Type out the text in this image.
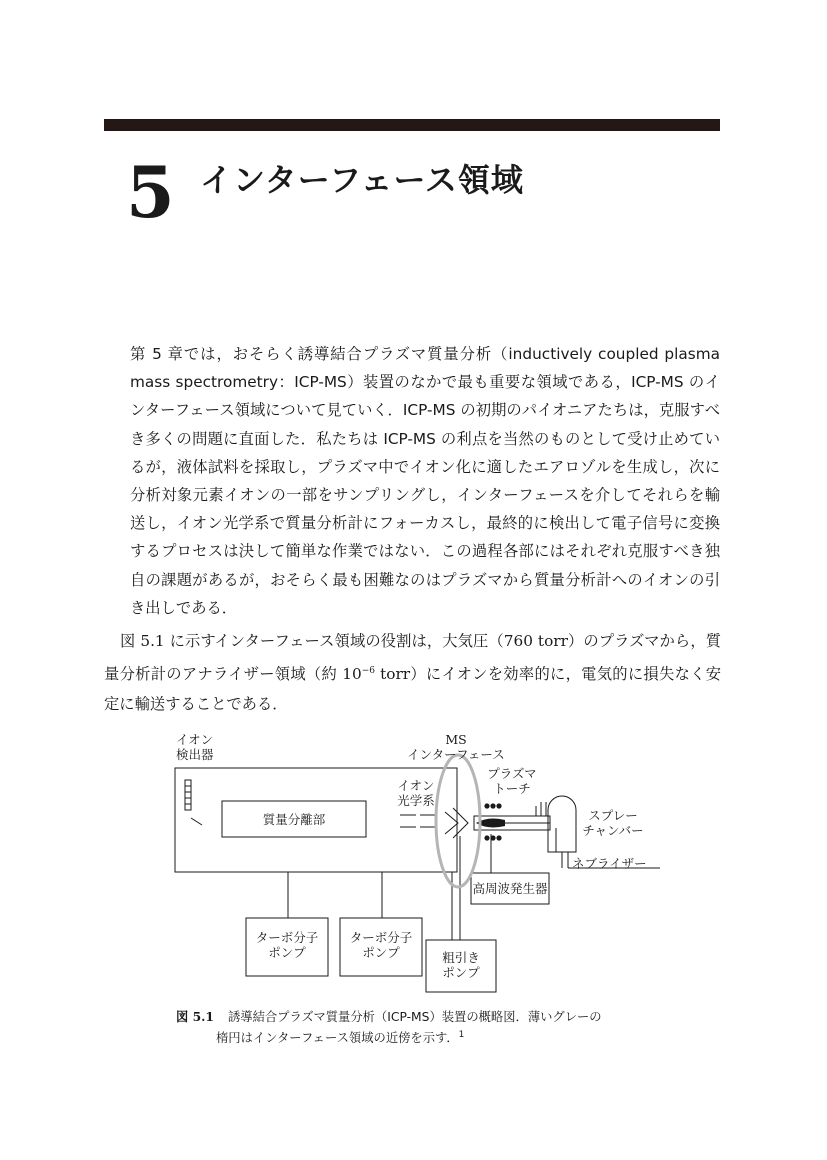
5 インターフェース領域
第 5 章では，おそらく誘導結合プラズマ質量分析（inductively coupled plasma mass spectrometry：ICP-MS）装置のなかで最も重要な領域である，ICP-MS のインターフェース領域について見ていく．ICP-MS の初期のパイオニアたちは，克服すべき多くの問題に直面した．私たちは ICP-MS の利点を当然のものとして受け止めているが，液体試料を採取し，プラズマ中でイオン化に適したエアロゾルを生成し，次に分析対象元素イオンの一部をサンプリングし，インターフェースを介してそれらを輸送し，イオン光学系で質量分析計にフォーカスし，最終的に検出して電子信号に変換するプロセスは決して簡単な作業ではない．この過程各部にはそれぞれ克服すべき独自の課題があるが，おそらく最も困難なのはプラズマから質量分析計へのイオンの引き出しである．
図 5.1 に示すインターフェース領域の役割は，大気圧（760 torr）のプラズマから，質量分析計のアナライザー領域（約 $10^{-6}$ torr）にイオンを効率的に，電気的に損失なく安定に輸送することである．
イオン
検出器
MS
インターフェース
イオン
光学系
プラズマ
トーチ
スプレー
チャンバー
ネブライザー
質量分離部
高周波発生器
ターボ分子
ポンプ
ターボ分子
ポンプ	粗引き
ポンプ
図 5.1 誘導結合プラズマ質量分析（ICP-MS）装置の概略図．薄いグレーの
楕円はインターフェース領域の近傍を示す．$^1$
